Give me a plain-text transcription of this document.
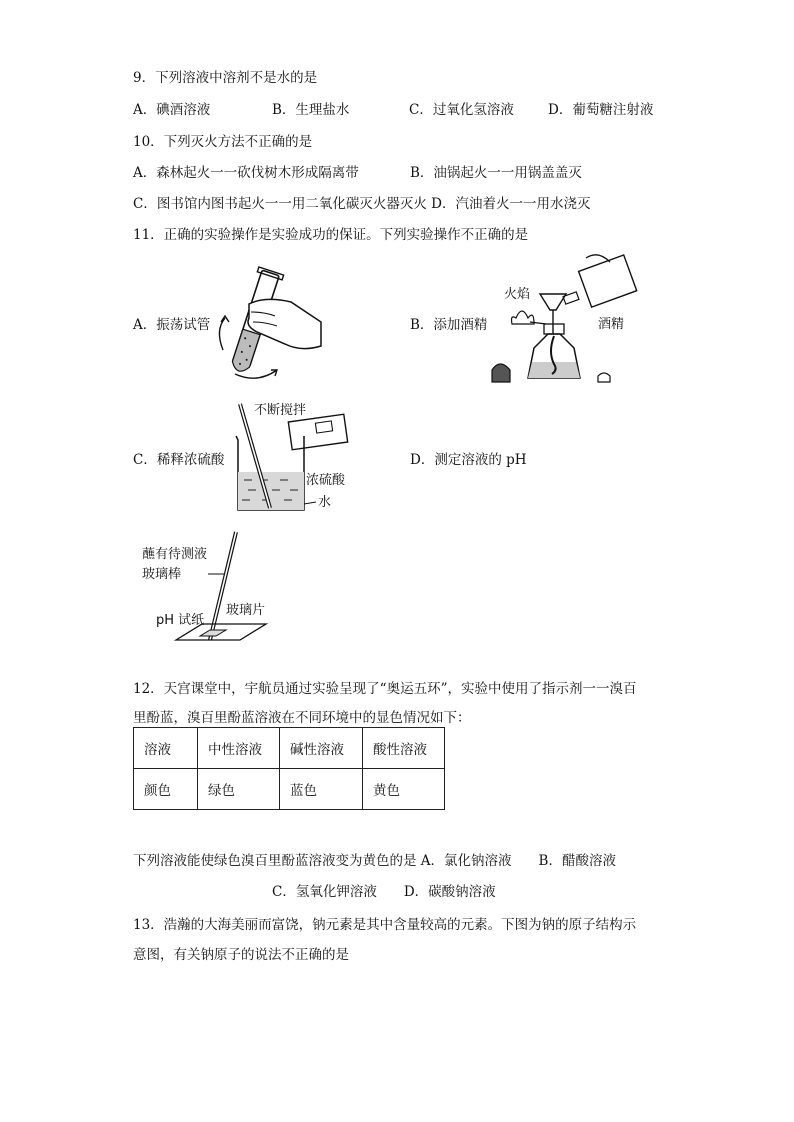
9．下列溶液中溶剂不是水的是
A．碘酒溶液	B．生理盐水	C．过氧化氢溶液	D．葡萄糖注射液
10．下列灭火方法不正确的是
A．森林起火一一砍伐树木形成隔离带	B．油锅起火一一用锅盖盖灭
C．图书馆内图书起火一一用二氧化碳灭火器灭火 D．汽油着火一一用水浇灭
11．正确的实验操作是实验成功的保证。下列实验操作不正确的是
A．振荡试管	B．添加酒精
C．稀释浓硫酸	D．测定溶液的 pH
火焰
酒精
不断搅拌
浓硫酸
水
蘸有待测液
玻璃棒
玻璃片
pH 试纸
12．天宫课堂中，宇航员通过实验呈现了“奥运五环”，实验中使用了指示剂一一溴百
里酚蓝，溴百里酚蓝溶液在不同环境中的显色情况如下：
溶液	中性溶液	碱性溶液	酸性溶液
颜色	绿色	蓝色	黄色
下列溶液能使绿色溴百里酚蓝溶液变为黄色的是 A．氯化钠溶液　　B．醋酸溶液
C．氢氧化钾溶液　　D．碳酸钠溶液
13．浩瀚的大海美丽而富饶，钠元素是其中含量较高的元素。下图为钠的原子结构示
意图，有关钠原子的说法不正确的是
